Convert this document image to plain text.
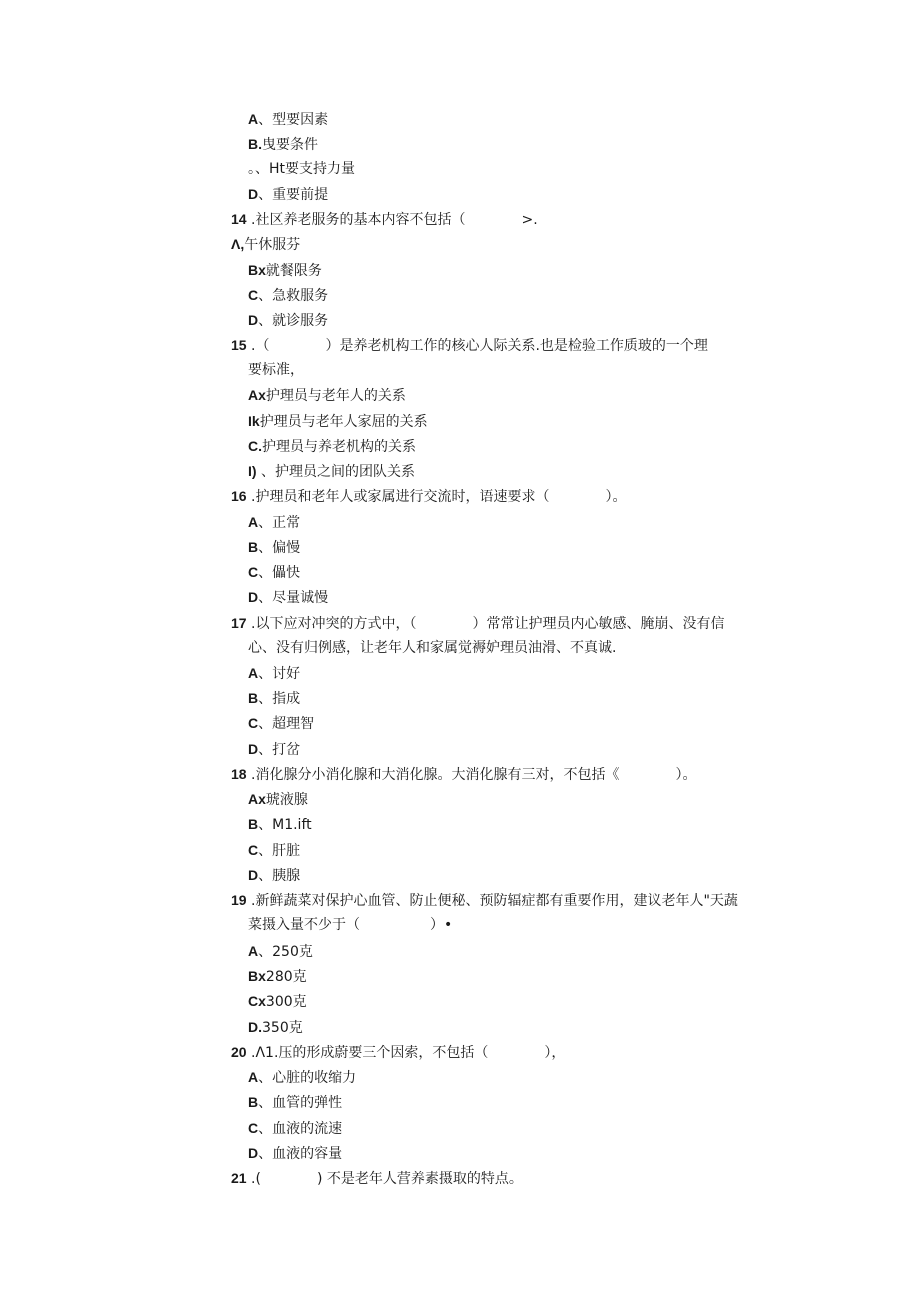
A、型要因素
B.曳要条件
。、Ht要支持力量
D、重要前提
14 .社区养老服务的基本内容不包括（　　　　>.
Λ,午休服芬
Bx就餐限务
C、急救服务
D、就诊服务
15 .（　　　　）是养老机构工作的核心人际关系.也是检验工作质玻的一个理
要标准，
Ax护理员与老年人的关系
Ik护理员与老年人家屈的关系
C.护理员与养老机构的关系
I) 、护理员之间的团队关系
16 .护理员和老年人或家属进行交流时，语速要求（　　　　）。
A、正常
B、偏慢
C、儡快
D、尽量诚慢
17 .以下应对冲突的方式中，（　　　　）常常让护理员内心敏感、腌崩、没有信
心、没有归例感，让老年人和家属觉褥妒理员油滑、不真诚.
A、讨好
B、指成
C、超理智
D、打岔
18 .消化腺分小消化腺和大消化腺。大消化腺有三对，不包括《　　　　）。
Ax琥液腺
B、M1.ift
C、肝脏
D、胰腺
19 .新鲜蔬菜对保护心血管、防止便秘、预防辐症都有重要作用，建议老年人"天蔬
菜摄入量不少于（　　　　　）•
A、250克
Bx280克
Cx300克
D.350克
20 .Λ1.压的形成蔚要三个因索，不包括（　　　　），
A、心脏的收缩力
B、血管的弹性
C、血液的流速
D、血液的容量
21 .(　　　　) 不是老年人营养素摄取的特点。
